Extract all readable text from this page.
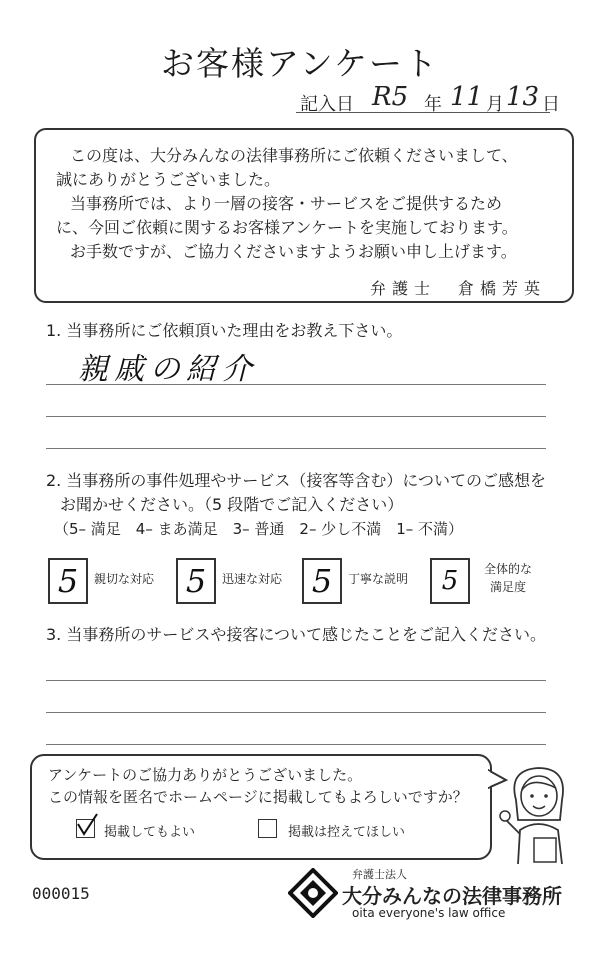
お客様アンケート
記入日 R5 年 11 月 13 日

この度は、大分みんなの法律事務所にご依頼くださいまして、

誠にありがとうございました。

当事務所では、より一層の接客・サービスをご提供するため

に、今回ご依頼に関するお客様アンケートを実施しております。

お手数ですが、ご協力くださいますようお願い申し上げます。

弁護士　倉橋芳英
1. 当事務所にご依頼頂いた理由をお教え下さい。
親戚の紹介
2. 当事務所の事件処理やサービス（接客等含む）についてのご感想を
お聞かせください。（5 段階でご記入ください）
（5– 満足　4– まあ満足　3– 普通　2– 少し不満　1– 不満）
5	親切な対応 5	迅速な対応 5	丁寧な説明	5	全体的な
満足度
3. 当事務所のサービスや接客について感じたことをご記入ください。
アンケートのご協力ありがとうございました。
この情報を匿名でホームページに掲載してもよろしいですか？
掲載してもよい	掲載は控えてほしい
000015
弁護士法人
大分みんなの法律事務所
oita everyone's law office
